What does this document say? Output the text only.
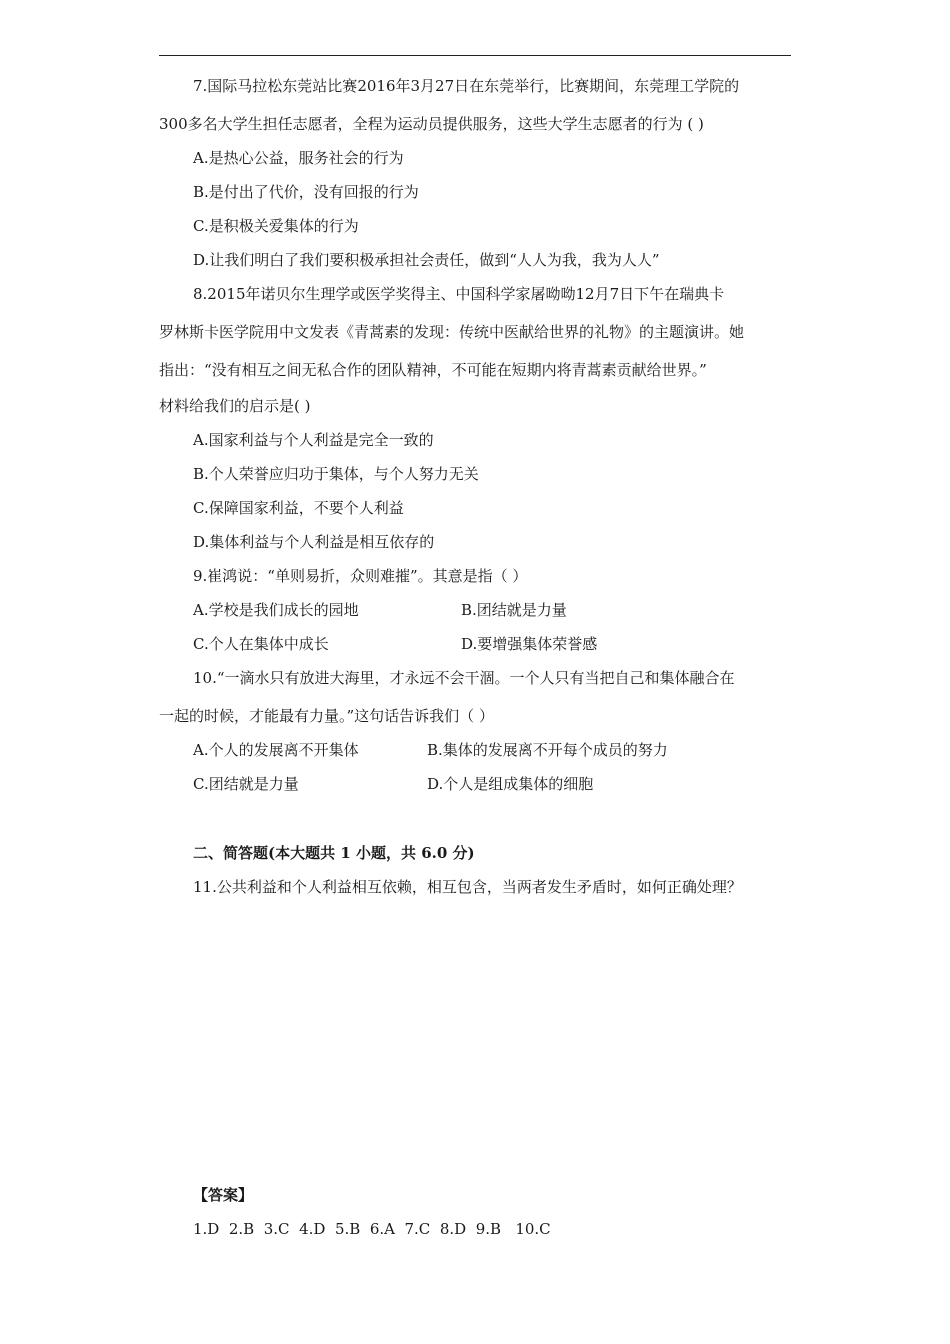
7.国际马拉松东莞站比赛2016年3月27日在东莞举行，比赛期间，东莞理工学院的
300多名大学生担任志愿者，全程为运动员提供服务，这些大学生志愿者的行为 ( )
A.是热心公益，服务社会的行为
B.是付出了代价，没有回报的行为
C.是积极关爱集体的行为
D.让我们明白了我们要积极承担社会责任，做到“人人为我，我为人人”
8.2015年诺贝尔生理学或医学奖得主、中国科学家屠呦呦12月7日下午在瑞典卡
罗林斯卡医学院用中文发表《青蒿素的发现：传统中医献给世界的礼物》的主题演讲。她
指出：“没有相互之间无私合作的团队精神，不可能在短期内将青蒿素贡献给世界。”
材料给我们的启示是( )
A.国家利益与个人利益是完全一致的
B.个人荣誉应归功于集体，与个人努力无关
C.保障国家利益，不要个人利益
D.集体利益与个人利益是相互依存的
9.崔鸿说：“单则易折，众则难摧”。其意是指（ ）
A.学校是我们成长的园地	B.团结就是力量
C.个人在集体中成长	D.要增强集体荣誉感
10.“一滴水只有放进大海里，才永远不会干涸。一个人只有当把自己和集体融合在
一起的时候，才能最有力量。”这句话告诉我们（ ）
A.个人的发展离不开集体	B.集体的发展离不开每个成员的努力
C.团结就是力量	D.个人是组成集体的细胞
二、简答题(本大题共 1 小题，共 6.0 分)
11.公共利益和个人利益相互依赖，相互包含，当两者发生矛盾时，如何正确处理？
【答案】
1.D  2.B  3.C  4.D  5.B  6.A  7.C  8.D  9.B   10.C
